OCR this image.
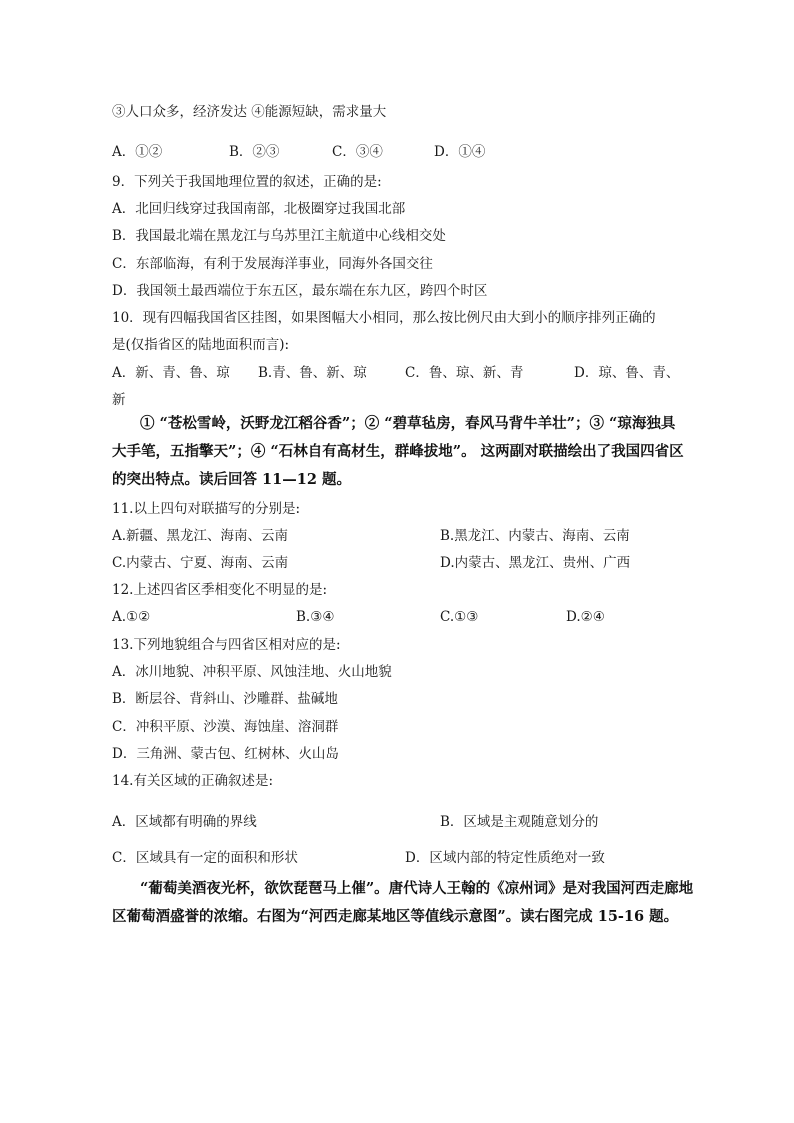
③人口众多，经济发达 ④能源短缺，需求量大
A．①②	B．②③	C．③④	D．①④
9．下列关于我国地理位置的叙述，正确的是:
A．北回归线穿过我国南部，北极圈穿过我国北部
B．我国最北端在黑龙江与乌苏里江主航道中心线相交处
C．东部临海，有利于发展海洋事业，同海外各国交往
D．我国领土最西端位于东五区，最东端在东九区，跨四个时区
10．现有四幅我国省区挂图，如果图幅大小相同，那么按比例尺由大到小的顺序排列正确的
是(仅指省区的陆地面积而言):
A．新、青、鲁、琼 B.青、鲁、新、琼	C．鲁、琼、新、青	D．琼、鲁、青、
新
① “苍松雪岭，沃野龙江稻谷香”；② “碧草毡房，春风马背牛羊壮”；③ “琼海独具
大手笔，五指擎天”；④ “石林自有高材生，群峰拔地”。 这两副对联描绘出了我国四省区
的突出特点。读后回答 11—12 题。
11.以上四句对联描写的分别是:
A.新疆、黑龙江、海南、云南	B.黑龙江、内蒙古、海南、云南
C.内蒙古、宁夏、海南、云南	D.内蒙古、黑龙江、贵州、广西
12.上述四省区季相变化不明显的是:
A.①②	B.③④	C.①③	D.②④
13.下列地貌组合与四省区相对应的是:
A．冰川地貌、冲积平原、风蚀洼地、火山地貌
B．断层谷、背斜山、沙雕群、盐碱地
C．冲积平原、沙漠、海蚀崖、溶洞群
D．三角洲、蒙古包、红树林、火山岛
14.有关区域的正确叙述是:
A．区域都有明确的界线	B．区域是主观随意划分的
C．区域具有一定的面积和形状	D．区域内部的特定性质绝对一致
“葡萄美酒夜光杯，欲饮琵琶马上催”。唐代诗人王翰的《凉州词》是对我国河西走廊地
区葡萄酒盛誉的浓缩。右图为“河西走廊某地区等值线示意图”。读右图完成 15-16 题。
